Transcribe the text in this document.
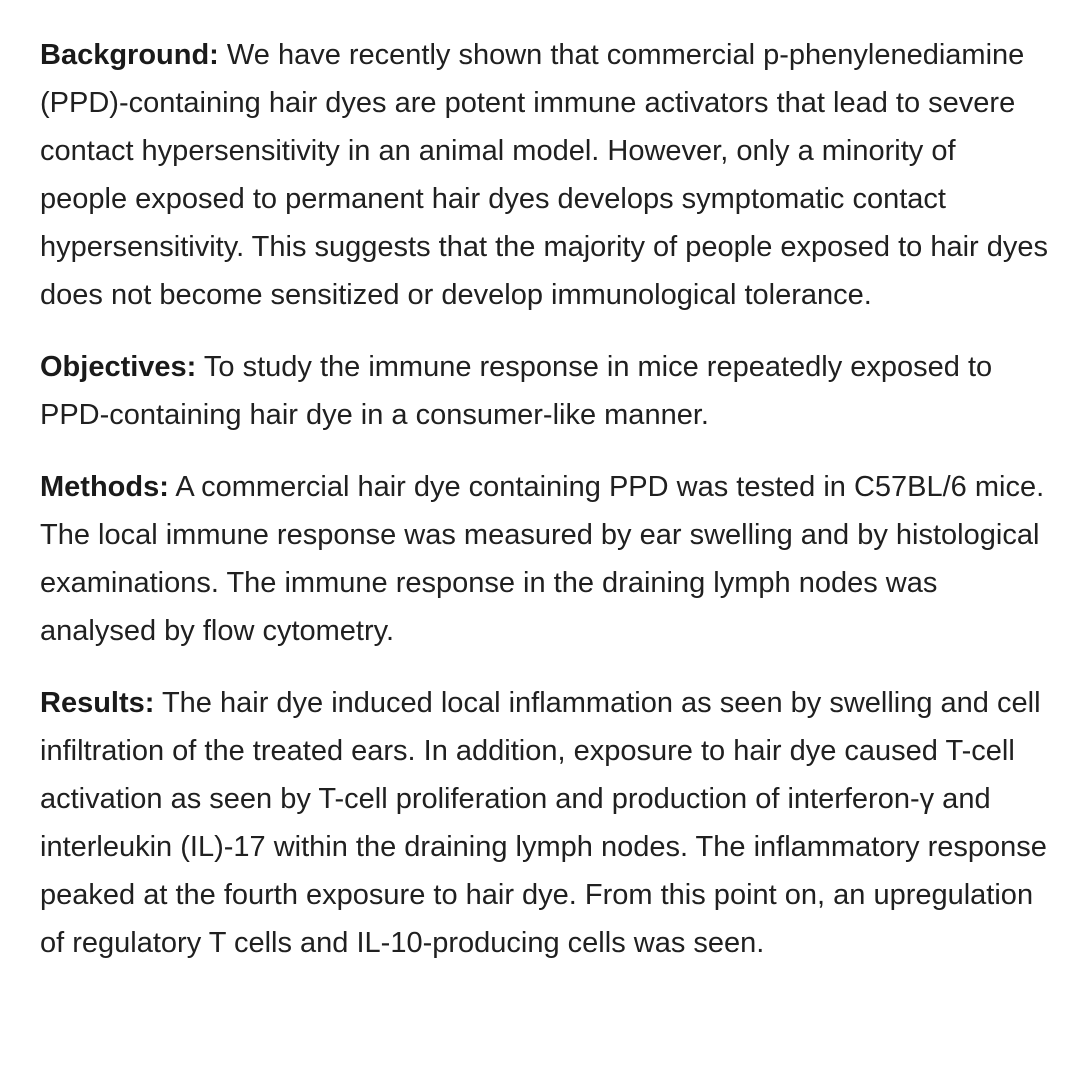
Background: We have recently shown that commercial p-phenylenediamine (PPD)-containing hair dyes are potent immune activators that lead to severe contact hypersensitivity in an animal model. However, only a minority of people exposed to permanent hair dyes develops symptomatic contact hypersensitivity. This suggests that the majority of people exposed to hair dyes does not become sensitized or develop immunological tolerance.

Objectives: To study the immune response in mice repeatedly exposed to PPD-containing hair dye in a consumer-like manner.

Methods: A commercial hair dye containing PPD was tested in C57BL/6 mice. The local immune response was measured by ear swelling and by histological examinations. The immune response in the draining lymph nodes was analysed by flow cytometry.

Results: The hair dye induced local inflammation as seen by swelling and cell infiltration of the treated ears. In addition, exposure to hair dye caused T-cell activation as seen by T-cell proliferation and production of interferon-γ and interleukin (IL)-17 within the draining lymph nodes. The inflammatory response peaked at the fourth exposure to hair dye. From this point on, an upregulation of regulatory T cells and IL-10-producing cells was seen.
